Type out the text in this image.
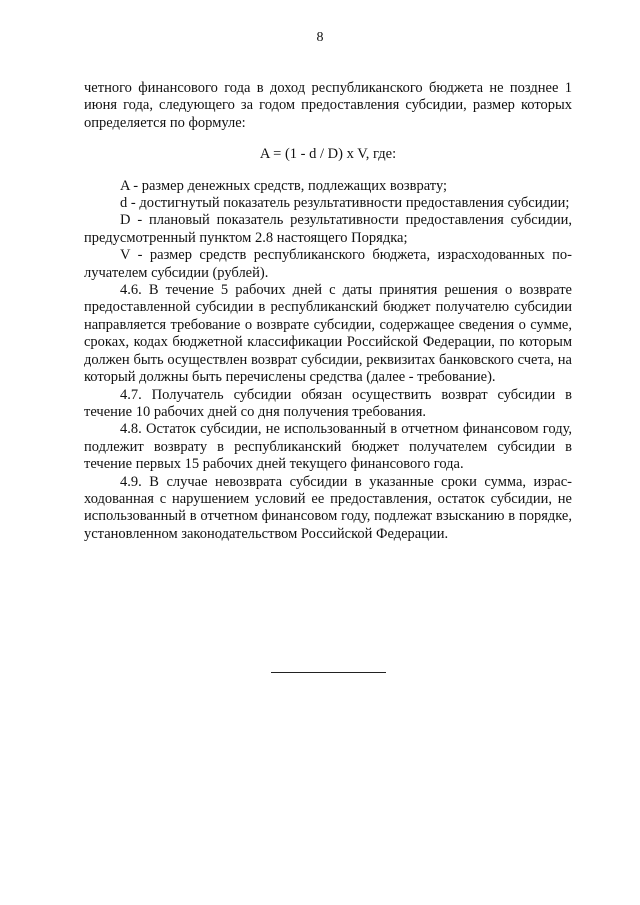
8

четного финансового года в доход республиканского бюджета не позднее 1 июня года, следующего за годом предоставления субсидии, размер которых определяется по формуле:

A = (1 - d / D) x V, где:

A - размер денежных средств, подлежащих возврату;

d - достигнутый показатель результативности предоставления субсидии;

D - плановый показатель результативности предоставления субсидии, предусмотренный пунктом 2.8 настоящего Порядка;

V - размер средств республиканского бюджета, израсходованных получателем субсидии (рублей).

4.6. В течение 5 рабочих дней с даты принятия решения о возврате предоставленной субсидии в республиканский бюджет получателю субсидии направляется требование о возврате субсидии, содержащее сведения о сумме, сроках, кодах бюджетной классификации Российской Федерации, по которым должен быть осуществлен возврат субсидии, реквизитах банковского счета, на который должны быть перечислены средства (далее - требование).

4.7. Получатель субсидии обязан осуществить возврат субсидии в течение 10 рабочих дней со дня получения требования.

4.8. Остаток субсидии, не использованный в отчетном финансовом году, подлежит возврату в республиканский бюджет получателем субсидии в течение первых 15 рабочих дней текущего финансового года.

4.9. В случае невозврата субсидии в указанные сроки сумма, израсходованная с нарушением условий ее предоставления, остаток субсидии, не использованный в отчетном финансовом году, подлежат взысканию в порядке, установленном законодательством Российской Федерации.
